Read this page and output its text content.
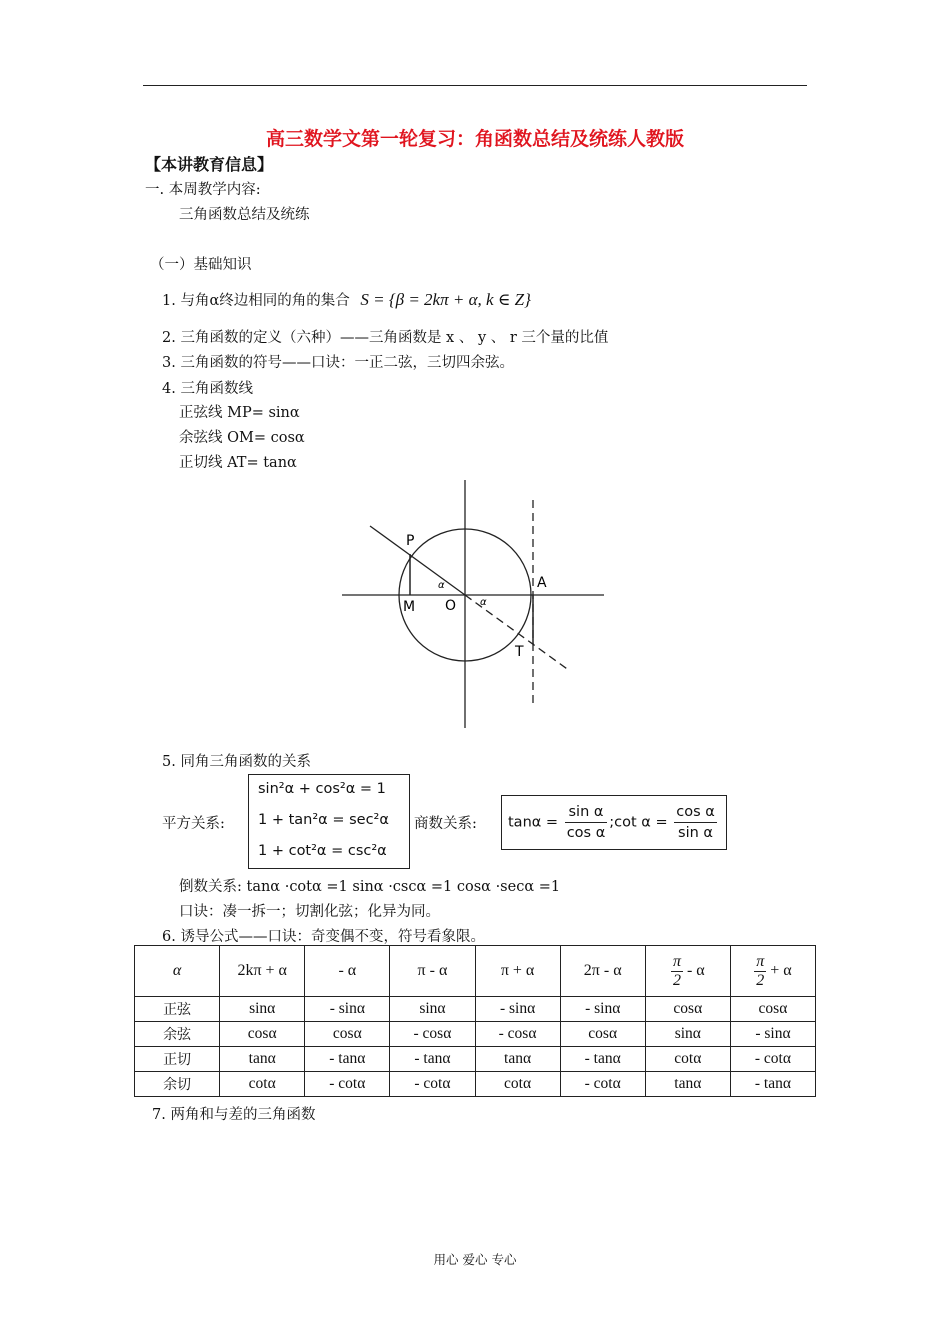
高三数学文第一轮复习：角函数总结及统练人教版
【本讲教育信息】
一. 本周教学内容:
三角函数总结及统练
（一）基础知识
1. 与角α终边相同的角的集合 S = {β = 2kπ + α, k ∈ Z}
2. 三角函数的定义（六种）——三角函数是 x 、 y 、 r 三个量的比值
3. 三角函数的符号——口诀：一正二弦，三切四余弦。
4. 三角函数线
正弦线 MP= sinα
余弦线 OM= cosα
正切线 AT= tanα
P
M O
A
T
α
α
5. 同角三角函数的关系
平方关系:
sin²α + cos²α = 1
1 + tan²α = sec²α
1 + cot²α = csc²α
商数关系: $\tan\alpha = \frac{\text{sin α}}{\text{cos α}}$ ;cot $\alpha = \frac{\text{cos α}}{\text{sin α}}$
倒数关系: tanα ·cotα =1 sinα ·cscα =1 cosα ·secα =1
口诀：凑一拆一；切割化弦；化异为同。
6. 诱导公式——口诀：奇变偶不变，符号看象限。
α	2kπ + α	- α	π - α	π + α	2π - α	$\frac{\pi}{2}$ - α	$\frac{\pi}{2} + \alpha$
正弦	sinα	- sinα	sinα	- sinα	- sinα	cosα	cosα
余弦	cosα	cosα	- cosα	- cosα	cosα	sinα	- sinα
正切	tanα	- tanα	- tanα	tanα	- tanα	cotα	- cotα
余切	cotα	- cotα	- cotα	cotα	- cotα	tanα	- tanα
7. 两角和与差的三角函数
用心 爱心 专心
